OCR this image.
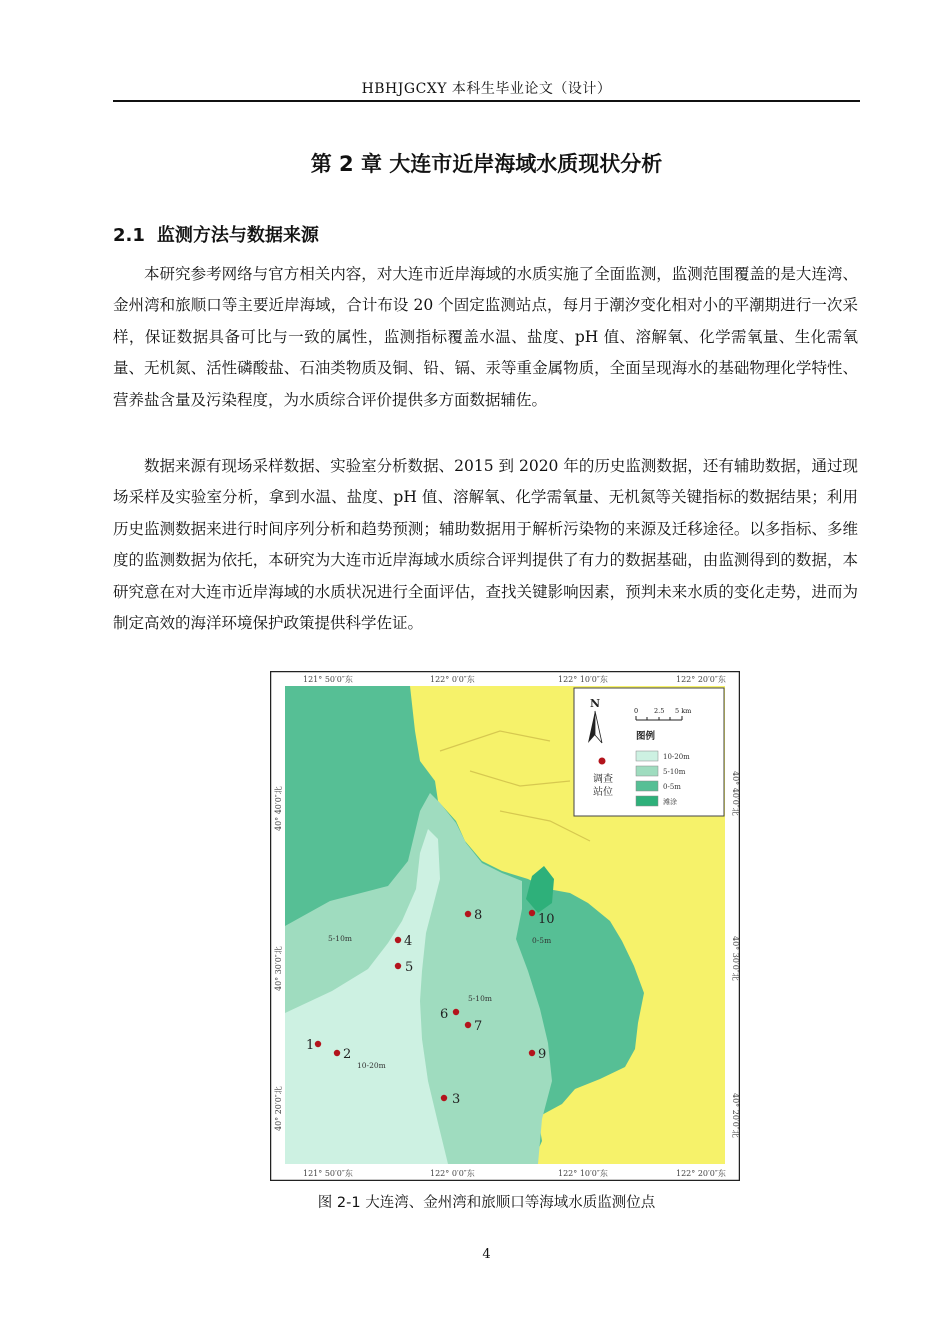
HBHJGCXY 本科生毕业论文（设计）
第 2 章 大连市近岸海域水质现状分析
2.1 监测方法与数据来源

本研究参考网络与官方相关内容，对大连市近岸海域的水质实施了全面监测，监测范围覆盖的是大连湾、金州湾和旅顺口等主要近岸海域，合计布设 20 个固定监测站点，每月于潮汐变化相对小的平潮期进行一次采样，保证数据具备可比与一致的属性，监测指标覆盖水温、盐度、pH 值、溶解氧、化学需氧量、生化需氧量、无机氮、活性磷酸盐、石油类物质及铜、铅、镉、汞等重金属物质，全面呈现海水的基础物理化学特性、营养盐含量及污染程度，为水质综合评价提供多方面数据辅佐。

数据来源有现场采样数据、实验室分析数据、2015 到 2020 年的历史监测数据，还有辅助数据，通过现场采样及实验室分析，拿到水温、盐度、pH 值、溶解氧、化学需氧量、无机氮等关键指标的数据结果；利用历史监测数据来进行时间序列分析和趋势预测；辅助数据用于解析污染物的来源及迁移途径。以多指标、多维度的监测数据为依托，本研究为大连市近岸海域水质综合评判提供了有力的数据基础，由监测得到的数据，本研究意在对大连市近岸海域的水质状况进行全面评估，查找关键影响因素，预判未来水质的变化走势，进而为制定高效的海洋环境保护政策提供科学佐证。

121° 50′0″东	122° 0′0″东	122° 10′0″东	122° 20′0″东
121° 50′0″东	122° 0′0″东	122° 10′0″东	122° 20′0″东
40° 40′0″北
40° 30′0″北
40° 20′0″北
40° 40′0″北
40° 30′0″北
40° 20′0″北
5-10m	0-5m
5-10m
10-20m
1
2
3
4
5
6
7
8
9
10
N
0 2.5 5 km
图例
10-20m
5-10m
0-5m
滩涂
调查
站位
图 2-1 大连湾、金州湾和旅顺口等海域水质监测位点
4
